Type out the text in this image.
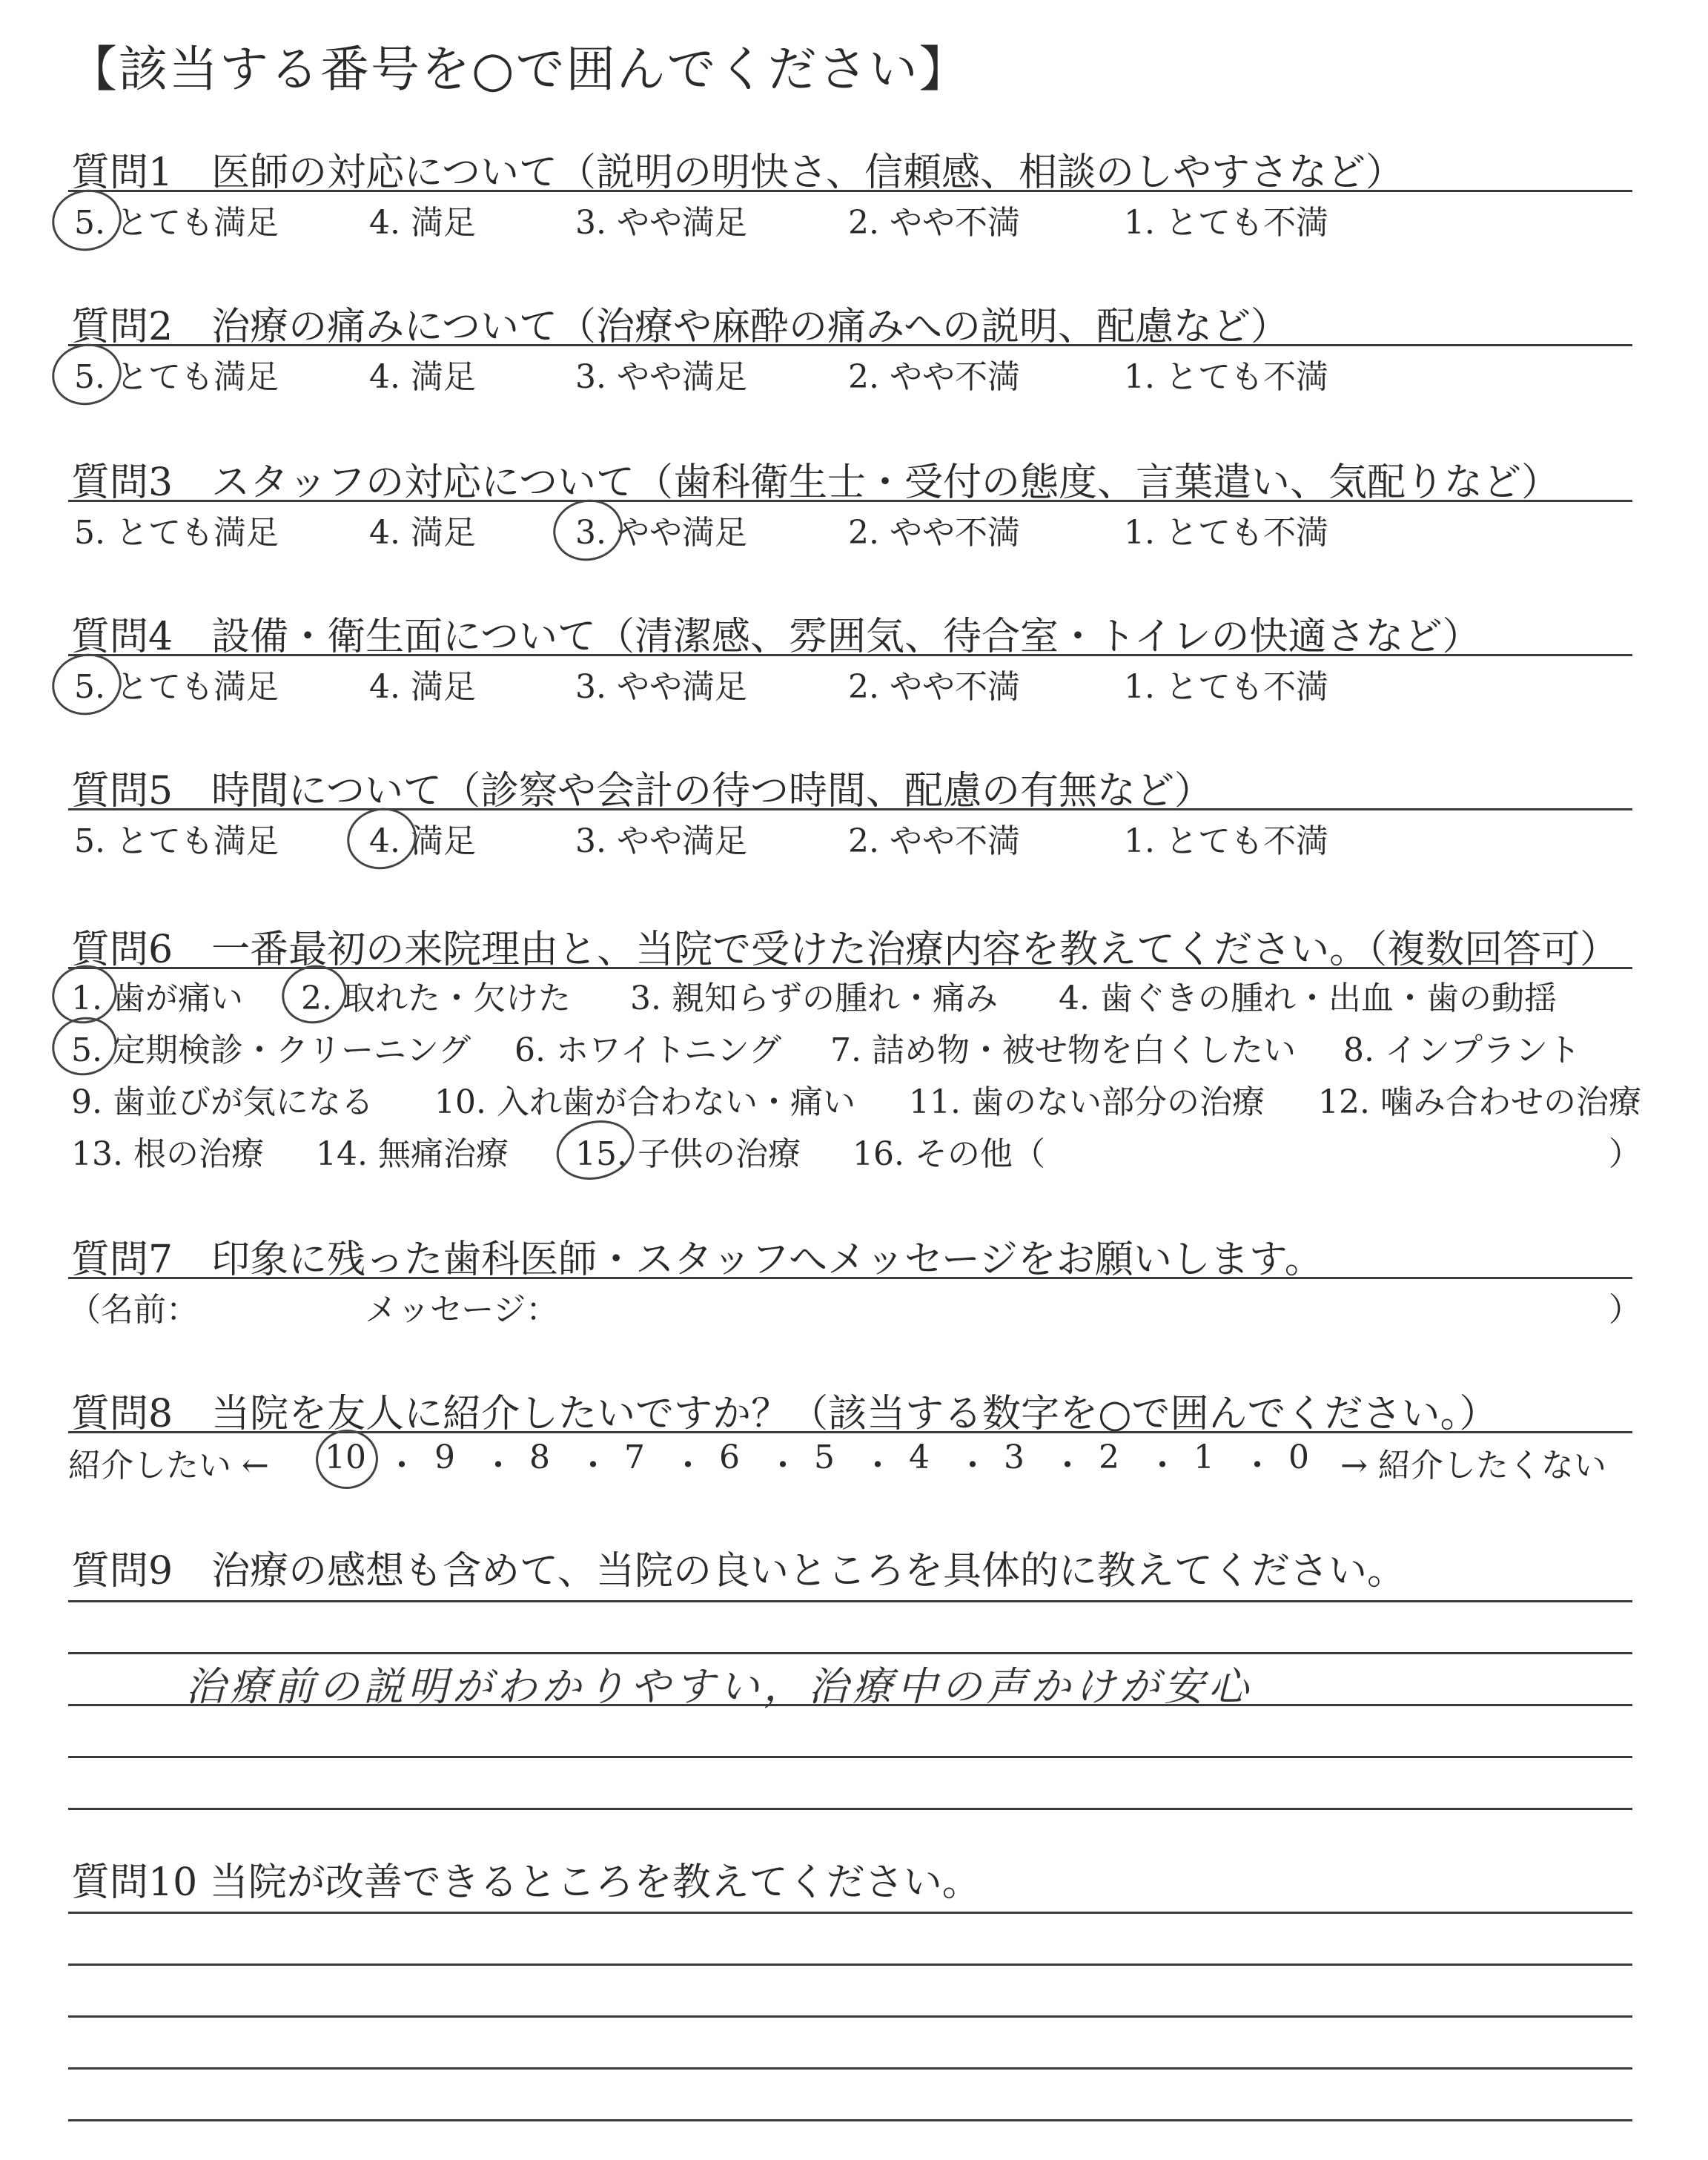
【該当する番号を○で囲んでください】
質問6　一番最初の来院理由と、当院で受けた治療内容を教えてください。（複数回答可）
）
質問7　印象に残った歯科医師・スタッフへメッセージをお願いします。
（名前：	メッセージ：	）
質問8　当院を友人に紹介したいですか？（該当する数字を○で囲んでください。）
紹介したい ←	→ 紹介したくない
質問9　治療の感想も含めて、当院の良いところを具体的に教えてください。
治療前の説明がわかりやすい，治療中の声かけが安心
質問10 当院が改善できるところを教えてください。
質問1　医師の対応について（説明の明快さ、信頼感、相談のしやすさなど）
5. とても満足	4. 満足	3. やや満足	2. やや不満	1. とても不満
質問2　治療の痛みについて（治療や麻酔の痛みへの説明、配慮など）
5. とても満足	4. 満足	3. やや満足	2. やや不満	1. とても不満
質問3　スタッフの対応について（歯科衛生士・受付の態度、言葉遣い、気配りなど）
5. とても満足	4. 満足	3. やや満足	2. やや不満	1. とても不満
質問4　設備・衛生面について（清潔感、雰囲気、待合室・トイレの快適さなど）
5. とても満足	4. 満足	3. やや満足	2. やや不満	1. とても不満
質問5　時間について（診察や会計の待つ時間、配慮の有無など）
5. とても満足	4. 満足	3. やや満足	2. やや不満	1. とても不満
1. 歯が痛い 2. 取れた・欠けた 3. 親知らずの腫れ・痛み 4. 歯ぐきの腫れ・出血・歯の動揺
5. 定期検診・クリーニング 6. ホワイトニング 7. 詰め物・被せ物を白くしたい 8. インプラント
9. 歯並びが気になる 10. 入れ歯が合わない・痛い 11. 歯のない部分の治療 12. 噛み合わせの治療
13. 根の治療 14. 無痛治療 15. 子供の治療 16. その他（
10 9 8 7 6 5 4 3 2 1 0
・ ・ ・ ・ ・ ・ ・ ・ ・ ・
